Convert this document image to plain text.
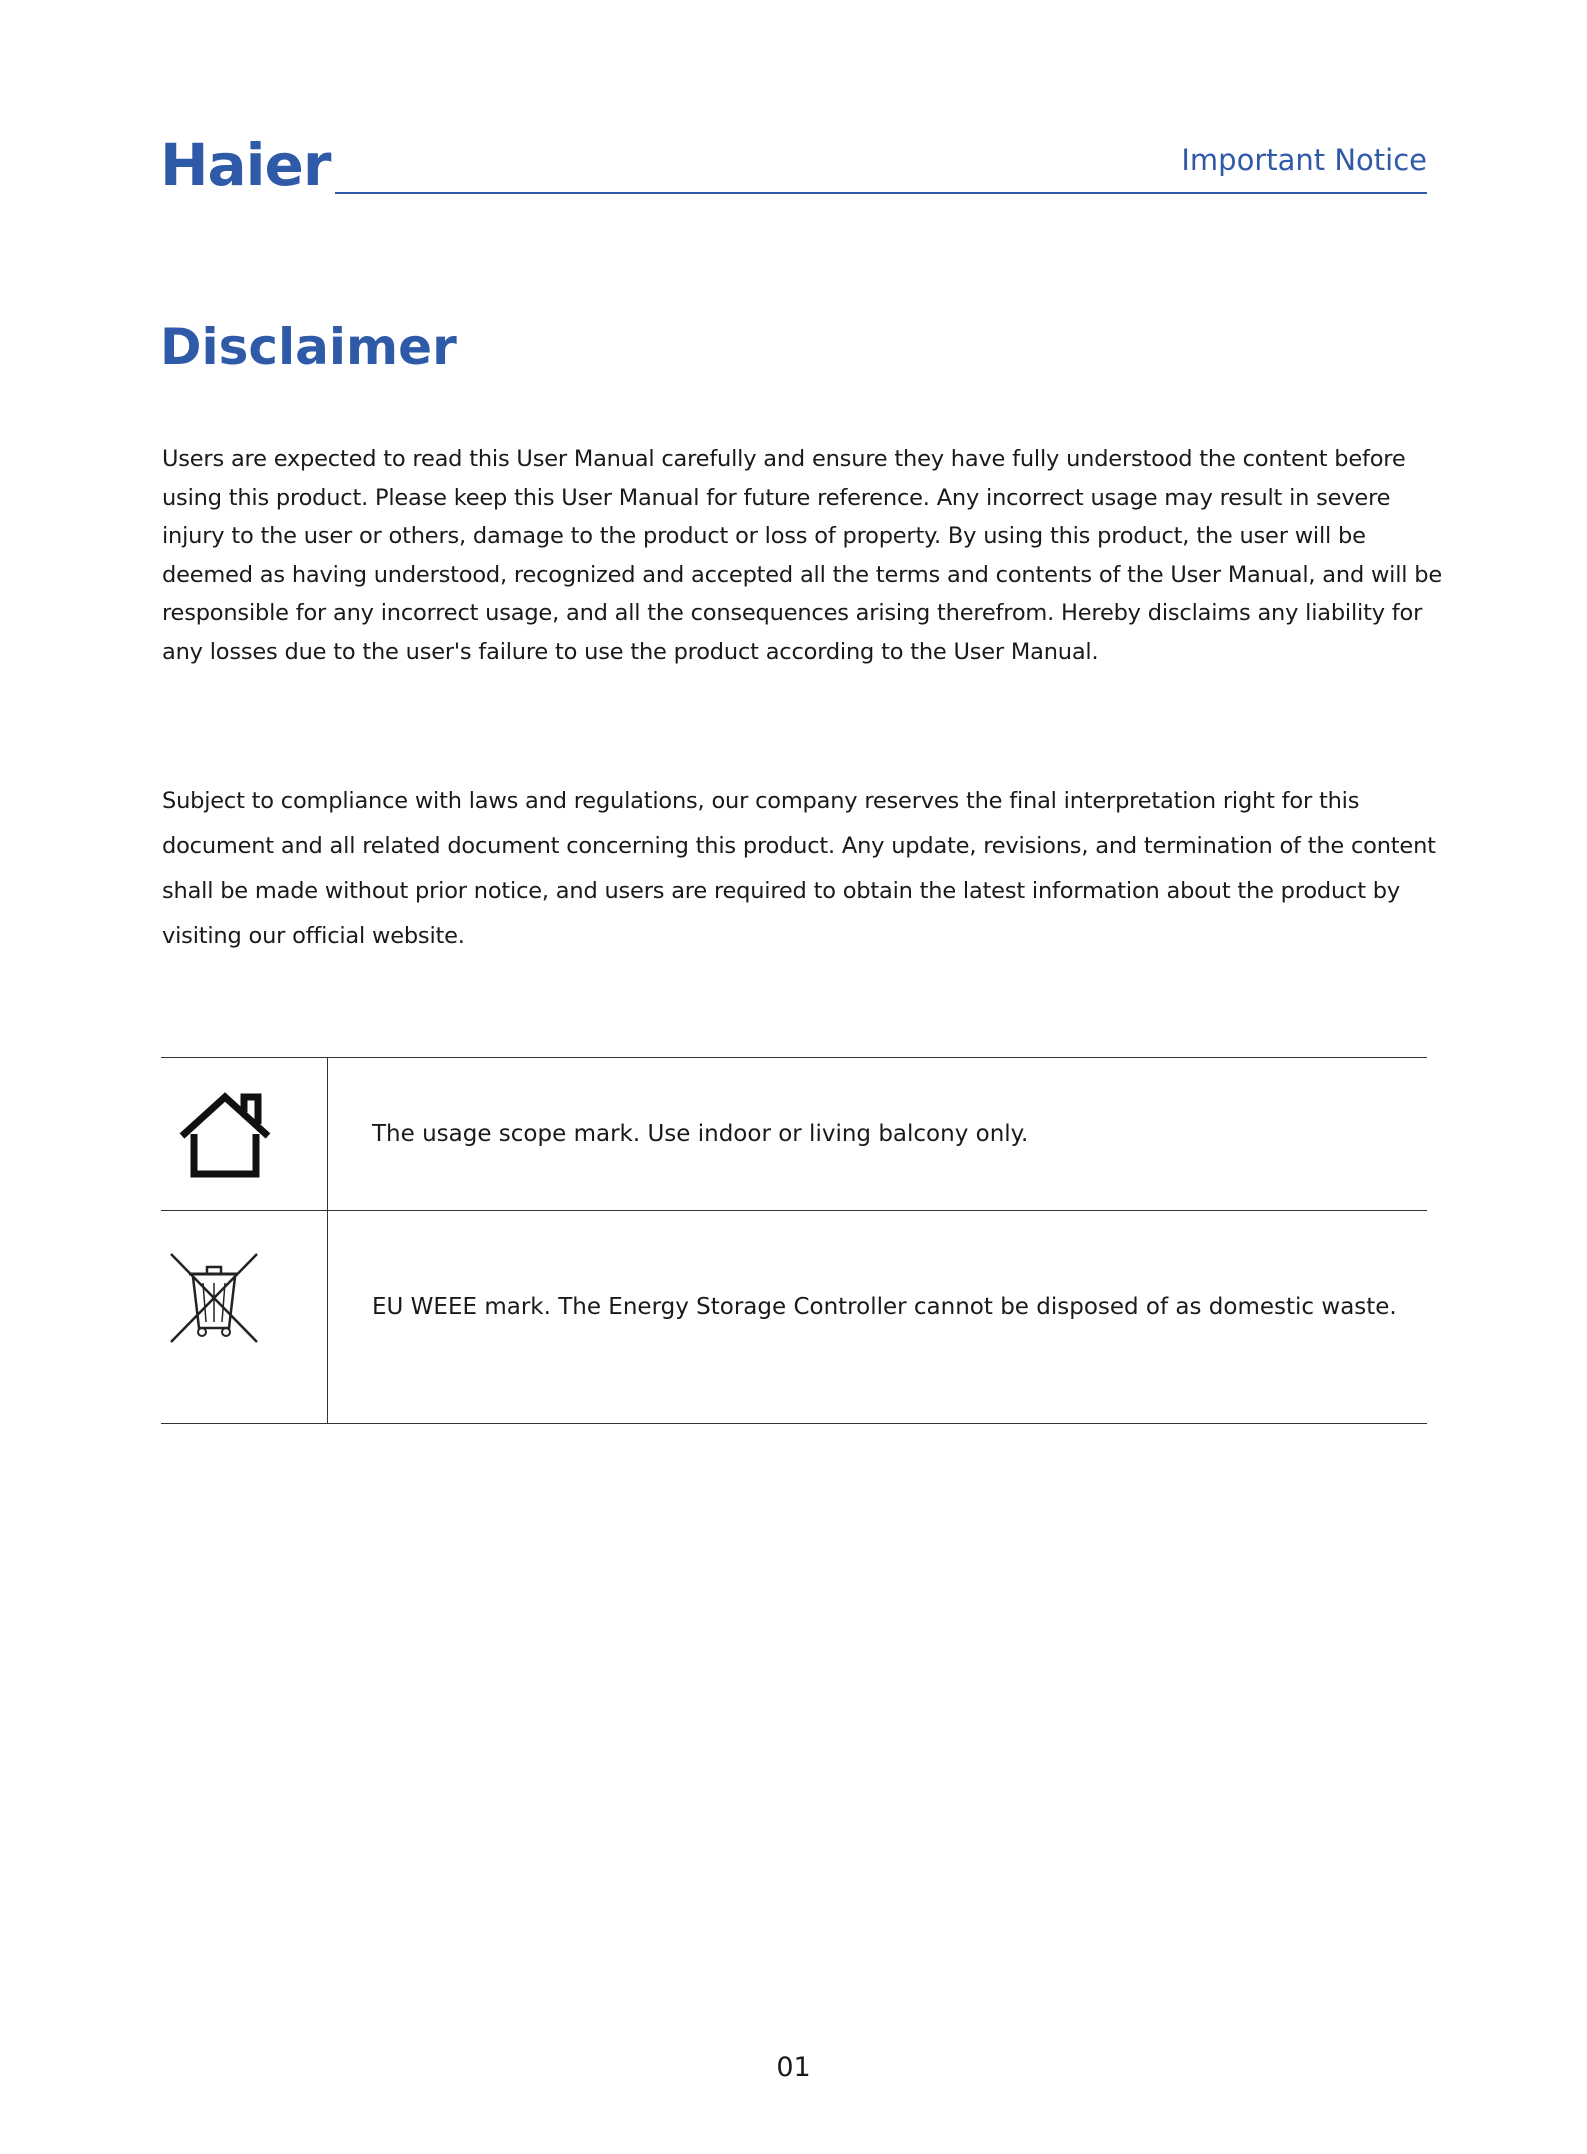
Haier	Important Notice
Disclaimer

Users are expected to read this User Manual carefully and ensure they have fully understood the content before using this product. Please keep this User Manual for future reference. Any incorrect usage may result in severe injury to the user or others, damage to the product or loss of property. By using this product, the user will be deemed as having understood, recognized and accepted all the terms and contents of the User Manual, and will be responsible for any incorrect usage, and all the consequences arising therefrom. Hereby disclaims any liability for any losses due to the user's failure to use the product according to the User Manual.

Subject to compliance with laws and regulations, our company reserves the final interpretation right for this document and all related document concerning this product. Any update, revisions, and termination of the content shall be made without prior notice, and users are required to obtain the latest information about the product by visiting our official website.

	The usage scope mark. Use indoor or living balcony only.

	EU WEEE mark. The Energy Storage Controller cannot be disposed of as domestic waste.
01
